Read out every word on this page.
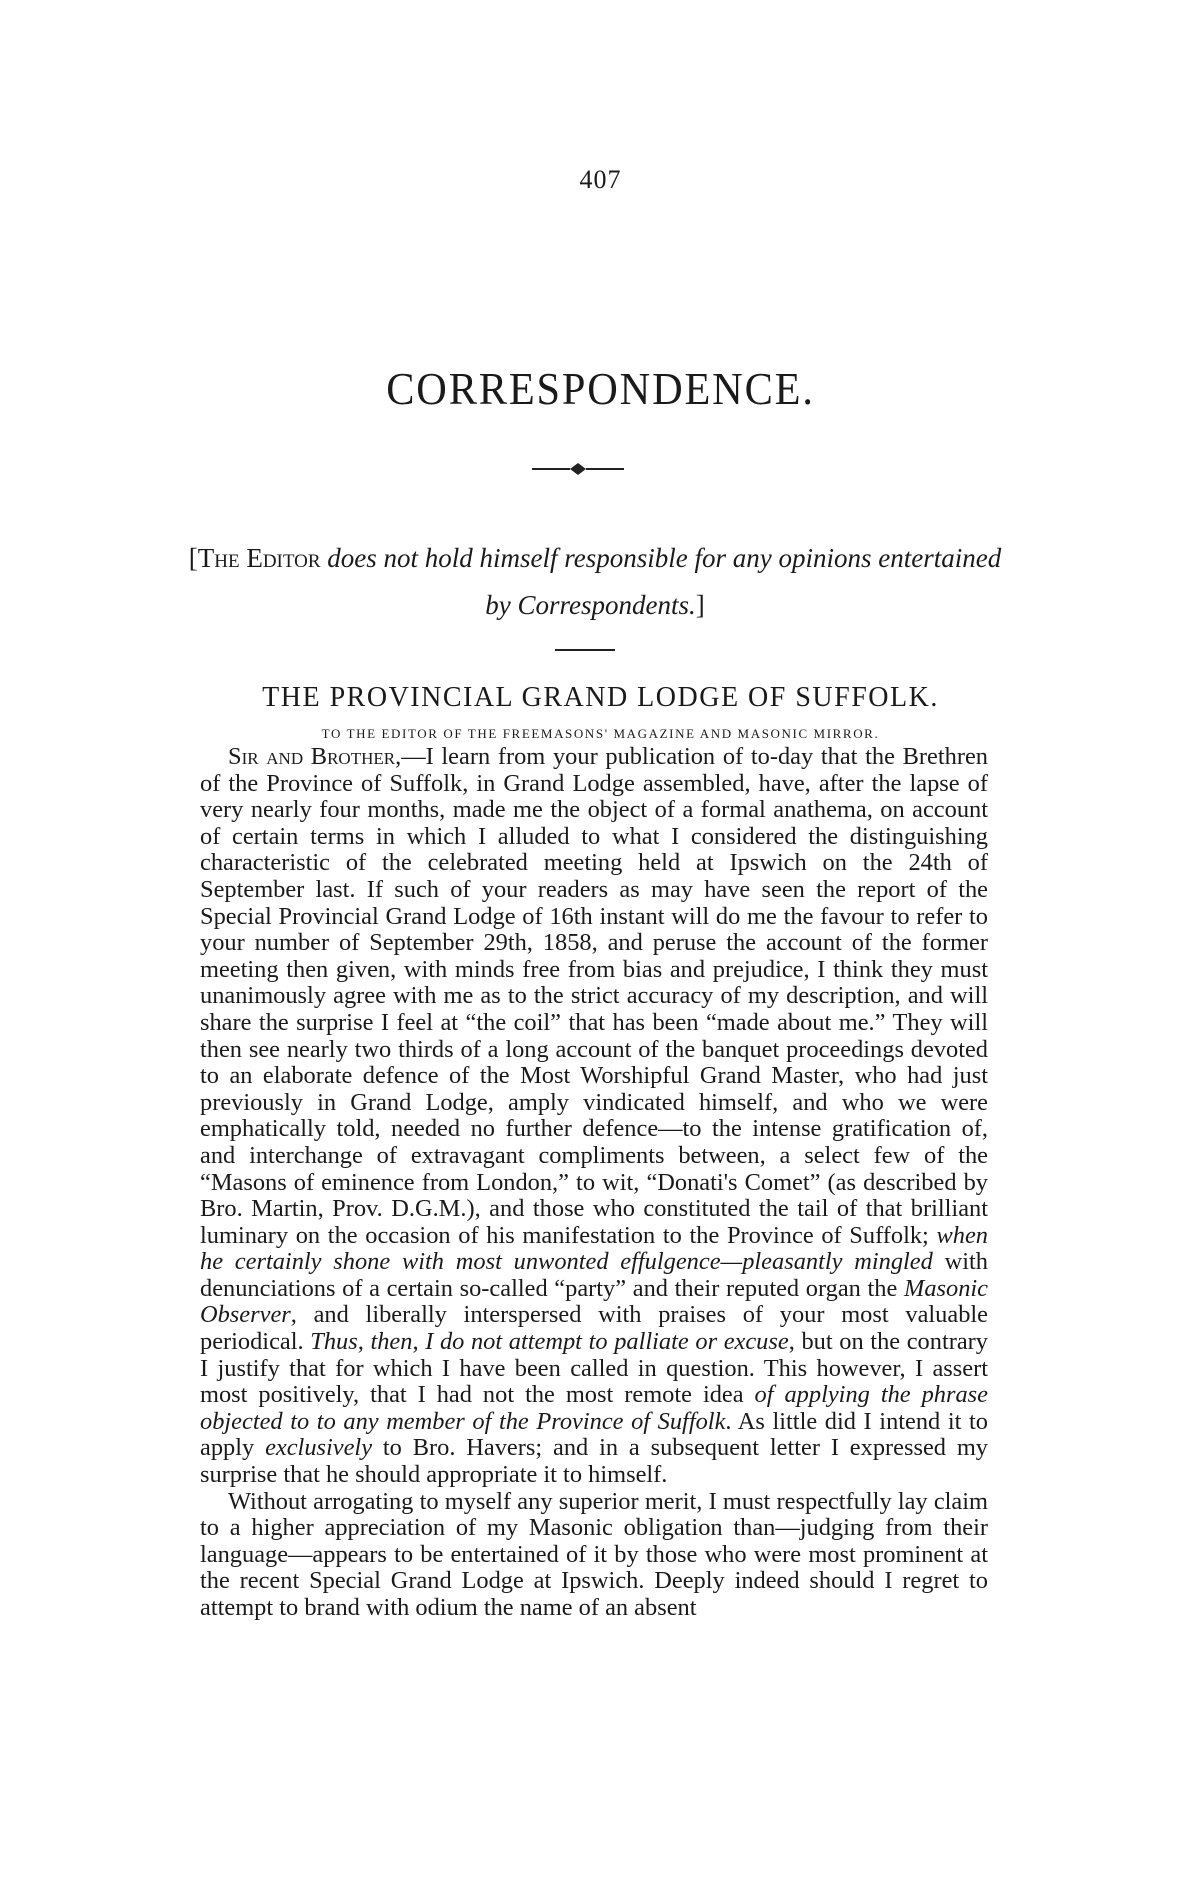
407
CORRESPONDENCE.
[The Editor does not hold himself responsible for any opinions entertained by Correspondents.]
THE PROVINCIAL GRAND LODGE OF SUFFOLK.
TO THE EDITOR OF THE FREEMASONS' MAGAZINE AND MASONIC MIRROR.

Sir and Brother,—I learn from your publication of to-day that the Brethren of the Province of Suffolk, in Grand Lodge assembled, have, after the lapse of very nearly four months, made me the object of a formal anathema, on account of certain terms in which I alluded to what I considered the distinguishing characteristic of the celebrated meeting held at Ipswich on the 24th of September last. If such of your readers as may have seen the report of the Special Provincial Grand Lodge of 16th instant will do me the favour to refer to your number of September 29th, 1858, and peruse the account of the former meeting then given, with minds free from bias and prejudice, I think they must unanimously agree with me as to the strict accuracy of my description, and will share the surprise I feel at “the coil” that has been “made about me.” They will then see nearly two thirds of a long account of the banquet proceedings devoted to an elaborate defence of the Most Worshipful Grand Master, who had just previously in Grand Lodge, amply vindicated himself, and who we were emphatically told, needed no further defence—to the intense gratification of, and interchange of extravagant compliments between, a select few of the “Masons of eminence from London,” to wit, “Donati's Comet” (as described by Bro. Martin, Prov. D.G.M.), and those who constituted the tail of that brilliant luminary on the occasion of his manifestation to the Province of Suffolk; when he certainly shone with most unwonted effulgence—pleasantly mingled with denunciations of a certain so-called “party” and their reputed organ the Masonic Observer, and liberally interspersed with praises of your most valuable periodical. Thus, then, I do not attempt to palliate or excuse, but on the contrary I justify that for which I have been called in question. This however, I assert most positively, that I had not the most remote idea of applying the phrase objected to to any member of the Province of Suffolk. As little did I intend it to apply exclusively to Bro. Havers; and in a subsequent letter I expressed my surprise that he should appropriate it to himself.

Without arrogating to myself any superior merit, I must respectfully lay claim to a higher appreciation of my Masonic obligation than—judging from their language—appears to be entertained of it by those who were most prominent at the recent Special Grand Lodge at Ipswich. Deeply indeed should I regret to attempt to brand with odium the name of an absent
